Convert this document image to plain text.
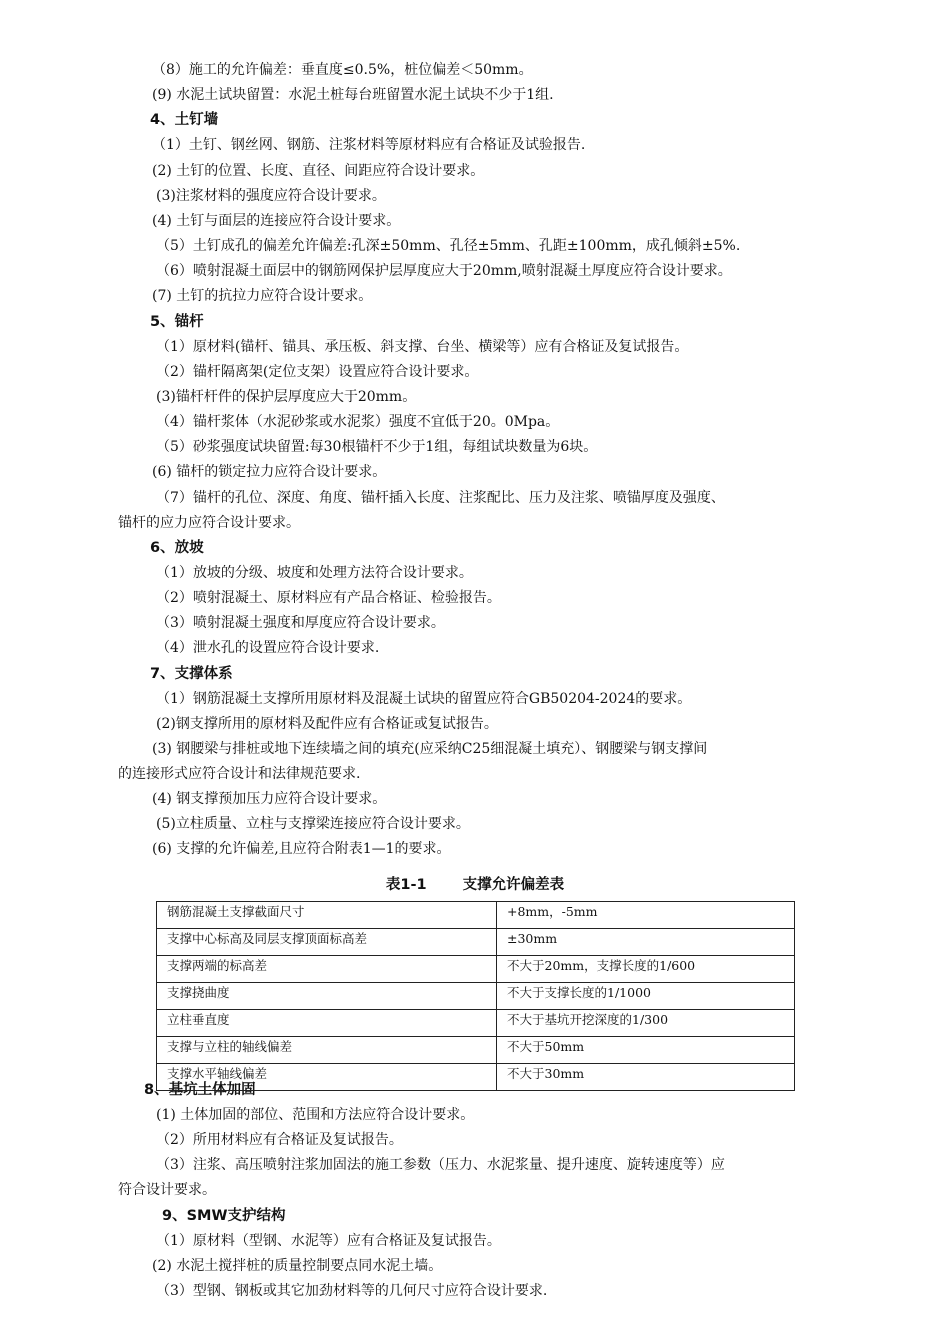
（8）施工的允许偏差：垂直度≤0.5%，桩位偏差＜50mm。
(9) 水泥土试块留置：水泥土桩每台班留置水泥土试块不少于1组.
4、土钉墙
（1）土钉、钢丝网、钢筋、注浆材料等原材料应有合格证及试验报告.
(2) 土钉的位置、长度、直径、间距应符合设计要求。
(3)注浆材料的强度应符合设计要求。
(4) 土钉与面层的连接应符合设计要求。
（5）土钉成孔的偏差允许偏差:孔深±50mm、孔径±5mm、孔距±100mm，成孔倾斜±5%.
（6）喷射混凝土面层中的钢筋网保护层厚度应大于20mm,喷射混凝土厚度应符合设计要求。
(7) 土钉的抗拉力应符合设计要求。
5、锚杆
（1）原材料(锚杆、锚具、承压板、斜支撑、台坐、横梁等）应有合格证及复试报告。
（2）锚杆隔离架(定位支架）设置应符合设计要求。
(3)锚杆杆件的保护层厚度应大于20mm。
（4）锚杆浆体（水泥砂浆或水泥浆）强度不宜低于20。0Mpa。
（5）砂浆强度试块留置:每30根锚杆不少于1组，每组试块数量为6块。
(6) 锚杆的锁定拉力应符合设计要求。
（7）锚杆的孔位、深度、角度、锚杆插入长度、注浆配比、压力及注浆、喷锚厚度及强度、
锚杆的应力应符合设计要求。
6、放坡
（1）放坡的分级、坡度和处理方法符合设计要求。
（2）喷射混凝土、原材料应有产品合格证、检验报告。
（3）喷射混凝土强度和厚度应符合设计要求。
（4）泄水孔的设置应符合设计要求.
7、支撑体系
（1）钢筋混凝土支撑所用原材料及混凝土试块的留置应符合GB50204-2024的要求。
(2)钢支撑所用的原材料及配件应有合格证或复试报告。
(3) 钢腰梁与排桩或地下连续墙之间的填充(应采纳C25细混凝土填充）、钢腰梁与钢支撑间
的连接形式应符合设计和法律规范要求.
(4) 钢支撑预加压力应符合设计要求。
(5)立柱质量、立柱与支撑梁连接应符合设计要求。
(6) 支撑的允许偏差,且应符合附表1—1的要求。
8、基坑土体加固
(1) 土体加固的部位、范围和方法应符合设计要求。
（2）所用材料应有合格证及复试报告。
（3）注浆、高压喷射注浆加固法的施工参数（压力、水泥浆量、提升速度、旋转速度等）应
符合设计要求。
9、SMW支护结构
（1）原材料（型钢、水泥等）应有合格证及复试报告。
(2) 水泥土搅拌桩的质量控制要点同水泥土墙。
（3）型钢、钢板或其它加劲材料等的几何尺寸应符合设计要求.
表1-1 支撑允许偏差表
钢筋混凝土支撑截面尺寸	+8mm，-5mm
支撑中心标高及同层支撑顶面标高差	±30mm
支撑两端的标高差	不大于20mm，支撑长度的1/600
支撑挠曲度	不大于支撑长度的1/1000
立柱垂直度	不大于基坑开挖深度的1/300
支撑与立柱的轴线偏差	不大于50mm
支撑水平轴线偏差	不大于30mm
